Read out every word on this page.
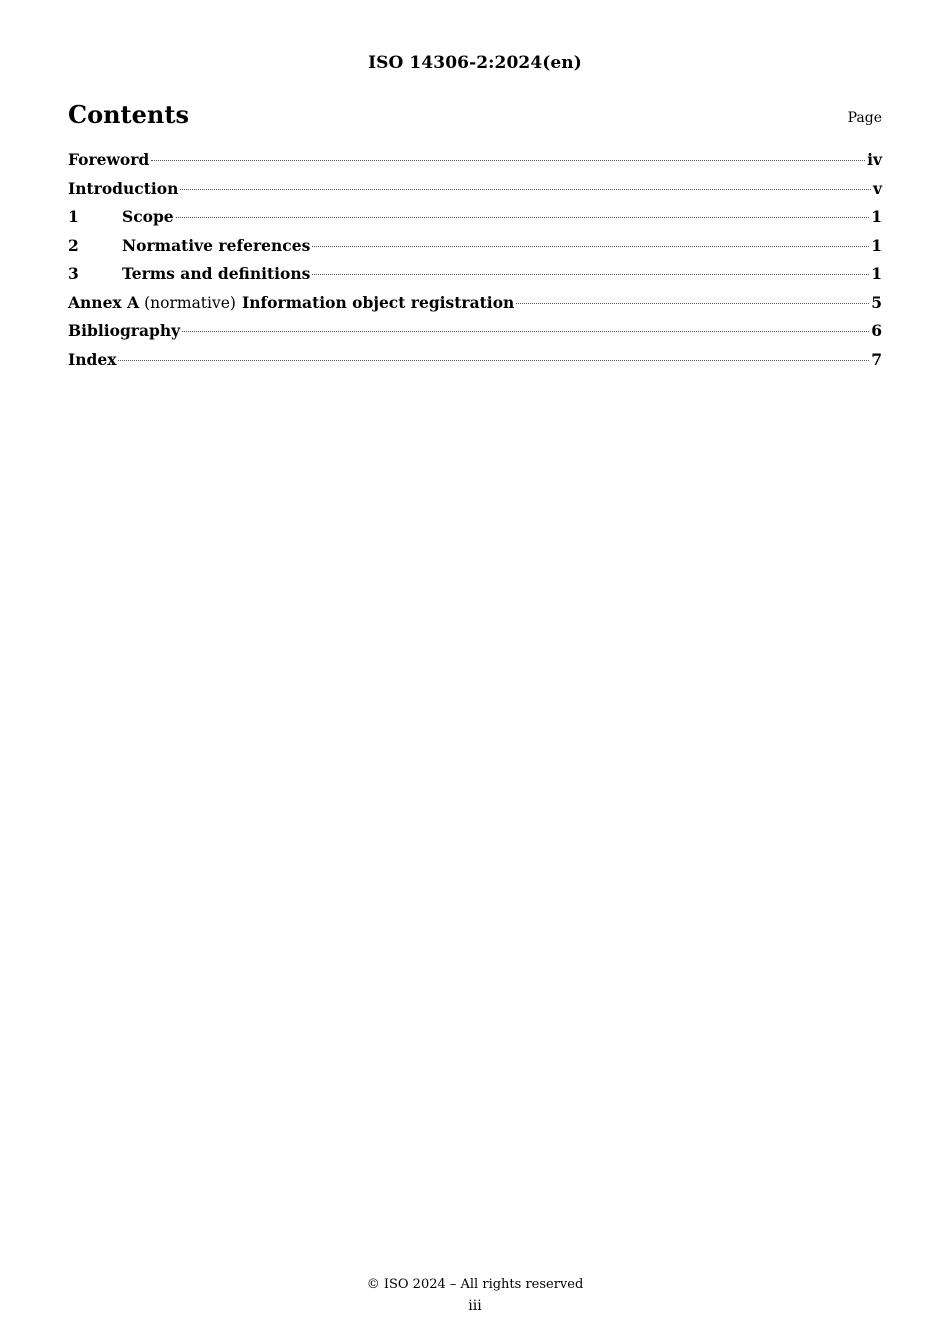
ISO 14306-2:2024(en)
Contents	Page
Foreword	iv
Introduction	v
1	Scope	1
2	Normative references	1
3	Terms and definitions	1
Annex A (normative) Information object registration	5
Bibliography	6
Index	7
© ISO 2024 – All rights reserved
iii
